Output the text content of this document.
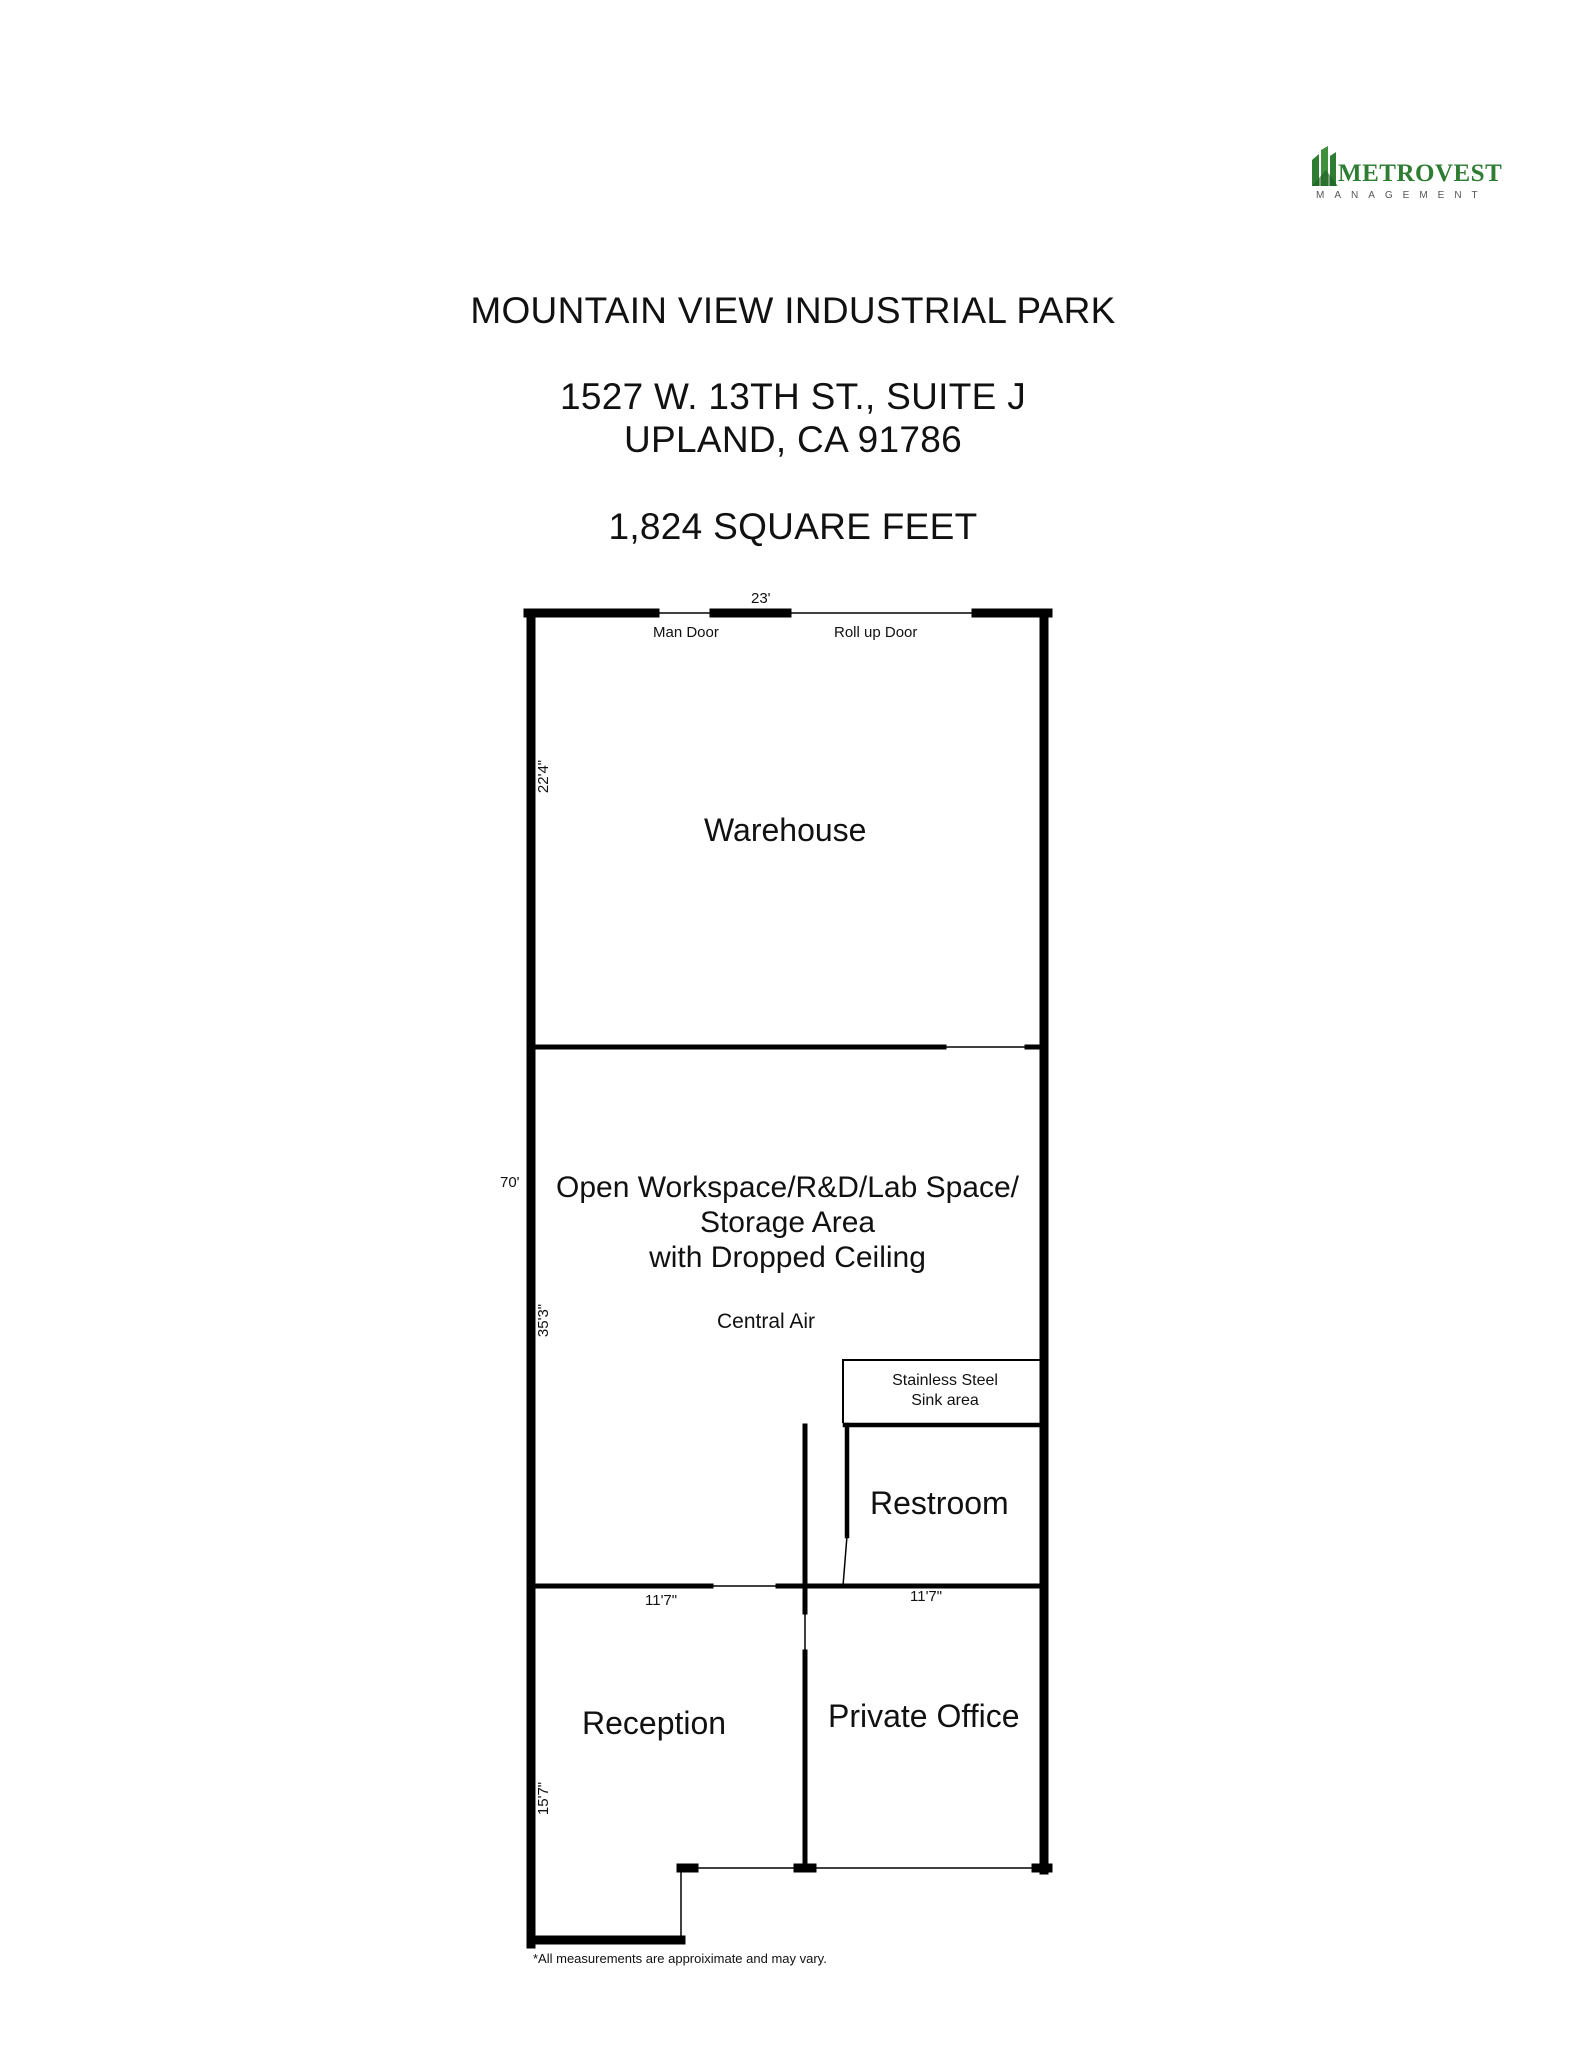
METROVEST
MANAGEMENT
MOUNTAIN VIEW INDUSTRIAL PARK
1527 W. 13TH ST., SUITE J
UPLAND, CA 91786
1,824 SQUARE FEET
Man Door	Roll up Door
23'
70'
22'4"
35'3"
11'7"	11'7"
15'7"
Warehouse
Open Workspace/R&D/Lab Space/
Storage Area
with Dropped Ceiling
Central Air
Stainless Steel
Sink area
Restroom
Reception	Private Office
*All measurements are approiximate and may vary.
